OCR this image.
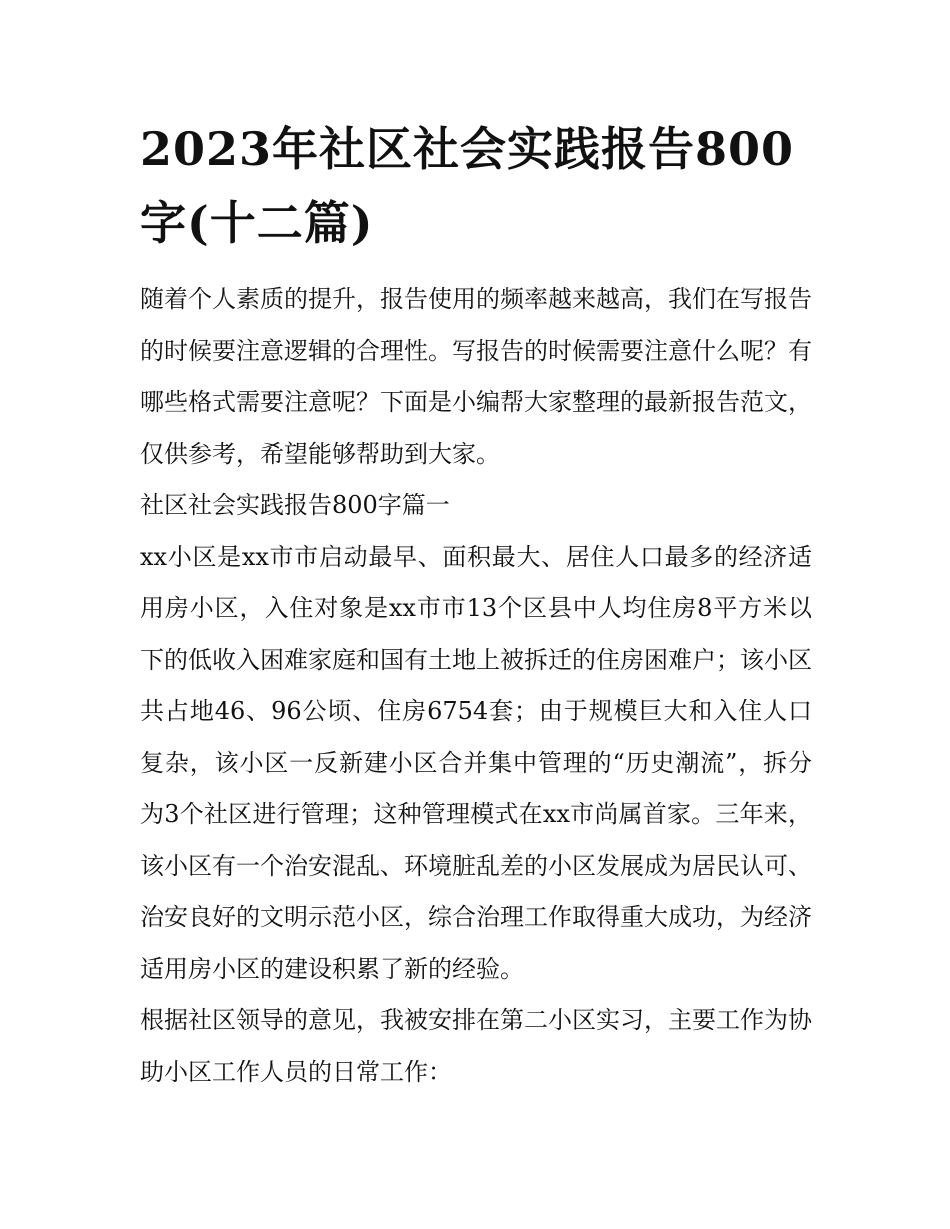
2023年社区社会实践报告800字(十二篇)

随着个人素质的提升，报告使用的频率越来越高，我们在写报告的时候要注意逻辑的合理性。写报告的时候需要注意什么呢？有哪些格式需要注意呢？下面是小编帮大家整理的最新报告范文，仅供参考，希望能够帮助到大家。

社区社会实践报告800字篇一

xx小区是xx市市启动最早、面积最大、居住人口最多的经济适用房小区，入住对象是xx市市13个区县中人均住房8平方米以下的低收入困难家庭和国有土地上被拆迁的住房困难户；该小区共占地46、96公顷、住房6754套；由于规模巨大和入住人口复杂，该小区一反新建小区合并集中管理的“历史潮流”，拆分为3个社区进行管理；这种管理模式在xx市尚属首家。三年来，该小区有一个治安混乱、环境脏乱差的小区发展成为居民认可、治安良好的文明示范小区，综合治理工作取得重大成功，为经济适用房小区的建设积累了新的经验。

根据社区领导的意见，我被安排在第二小区实习，主要工作为协助小区工作人员的日常工作：
